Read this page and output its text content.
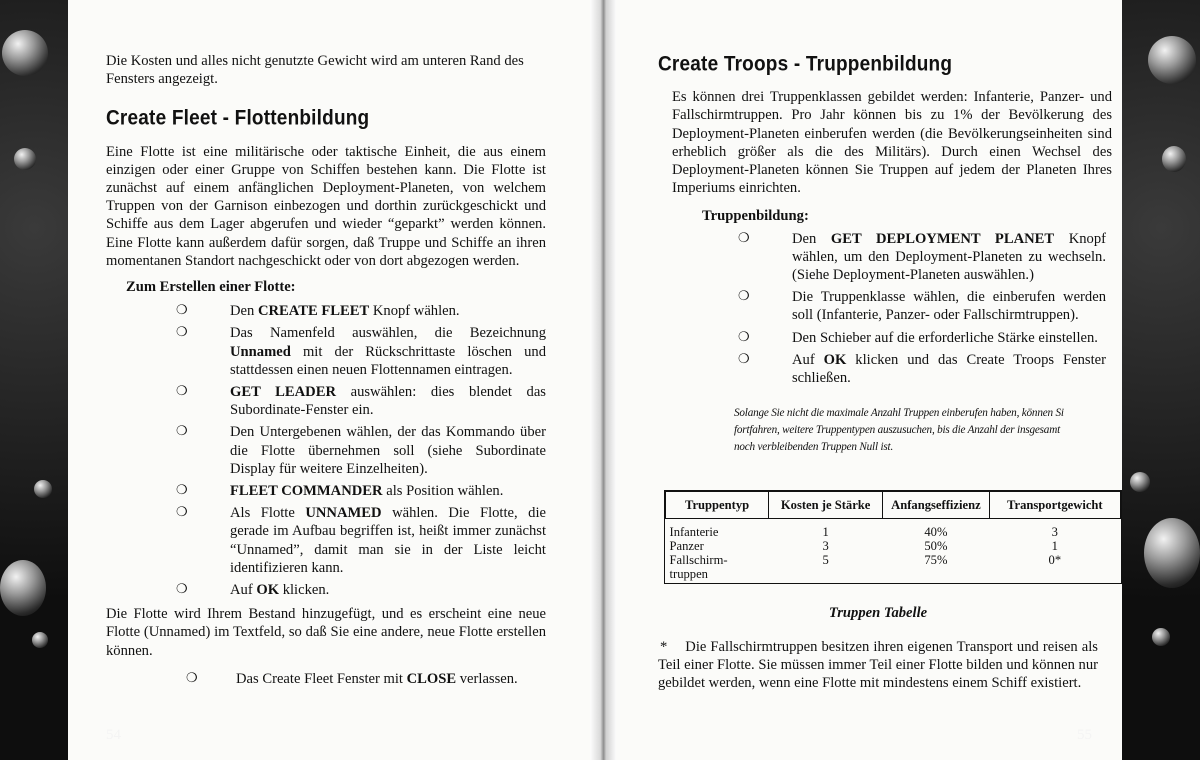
Die Kosten und alles nicht genutzte Gewicht wird am unteren Rand des Fensters angezeigt.

Create Fleet - Flottenbildung

Eine Flotte ist eine militärische oder taktische Einheit, die aus einem einzigen oder einer Gruppe von Schiffen bestehen kann. Die Flotte ist zunächst auf einem anfänglichen Deployment-Planeten, von welchem Truppen von der Garnison einbezogen und dorthin zurückgeschickt und Schiffe aus dem Lager abgerufen und wieder “geparkt” werden können. Eine Flotte kann außerdem dafür sorgen, daß Truppe und Schiffe an ihren momentanen Standort nachgeschickt oder von dort abgezogen werden.

Zum Erstellen einer Flotte:

❍	Den CREATE FLEET Knopf wählen.
❍	Das Namenfeld auswählen, die Bezeichnung Unnamed mit der Rückschrittaste löschen und stattdessen einen neuen Flottennamen eintragen.
❍	GET LEADER auswählen: dies blendet das Subordinate-Fenster ein.
❍	Den Untergebenen wählen, der das Kommando über die Flotte übernehmen soll (siehe Subordinate Display für weitere Einzelheiten).
❍	FLEET COMMANDER als Position wählen.
❍	Als Flotte UNNAMED wählen. Die Flotte, die gerade im Aufbau begriffen ist, heißt immer zunächst “Unnamed”, damit man sie in der Liste leicht identifizieren kann.
❍	Auf OK klicken.

Die Flotte wird Ihrem Bestand hinzugefügt, und es erscheint eine neue Flotte (Unnamed) im Textfeld, so daß Sie eine andere, neue Flotte erstellen können.

❍	Das Create Fleet Fenster mit CLOSE verlassen.
54
Create Troops - Truppenbildung

Es können drei Truppenklassen gebildet werden: Infanterie, Panzer- und Fallschirmtruppen. Pro Jahr können bis zu 1% der Bevölkerung des Deployment-Planeten einberufen werden (die Bevölkerungseinheiten sind erheblich größer als die des Militärs). Durch einen Wechsel des Deployment-Planeten können Sie Truppen auf jedem der Planeten Ihres Imperiums einrichten.

Truppenbildung:

❍	Den GET DEPLOYMENT PLANET Knopf wählen, um den Deployment-Planeten zu wechseln. (Siehe Deployment-Planeten auswählen.)
❍	Die Truppenklasse wählen, die einberufen werden soll (Infanterie, Panzer- oder Fallschirmtruppen).
❍	Den Schieber auf die erforderliche Stärke einstellen.
❍	Auf OK klicken und das Create Troops Fenster schließen.
Solange Sie nicht die maximale Anzahl Truppen einberufen haben, können Si
fortfahren, weitere Truppentypen auszusuchen, bis die Anzahl der insgesamt
noch verbleibenden Truppen Null ist.
Truppentyp	Kosten je Stärke	Anfangseffizienz	Transportgewicht
Infanterie	1	40%	3
Panzer	3	50%	1
Fallschirm-
truppen	5	75%	0*

Truppen Tabelle

* Die Fallschirmtruppen besitzen ihren eigenen Transport und reisen als Teil einer Flotte. Sie müssen immer Teil einer Flotte bilden und können nur gebildet werden, wenn eine Flotte mit mindestens einem Schiff existiert.
55
